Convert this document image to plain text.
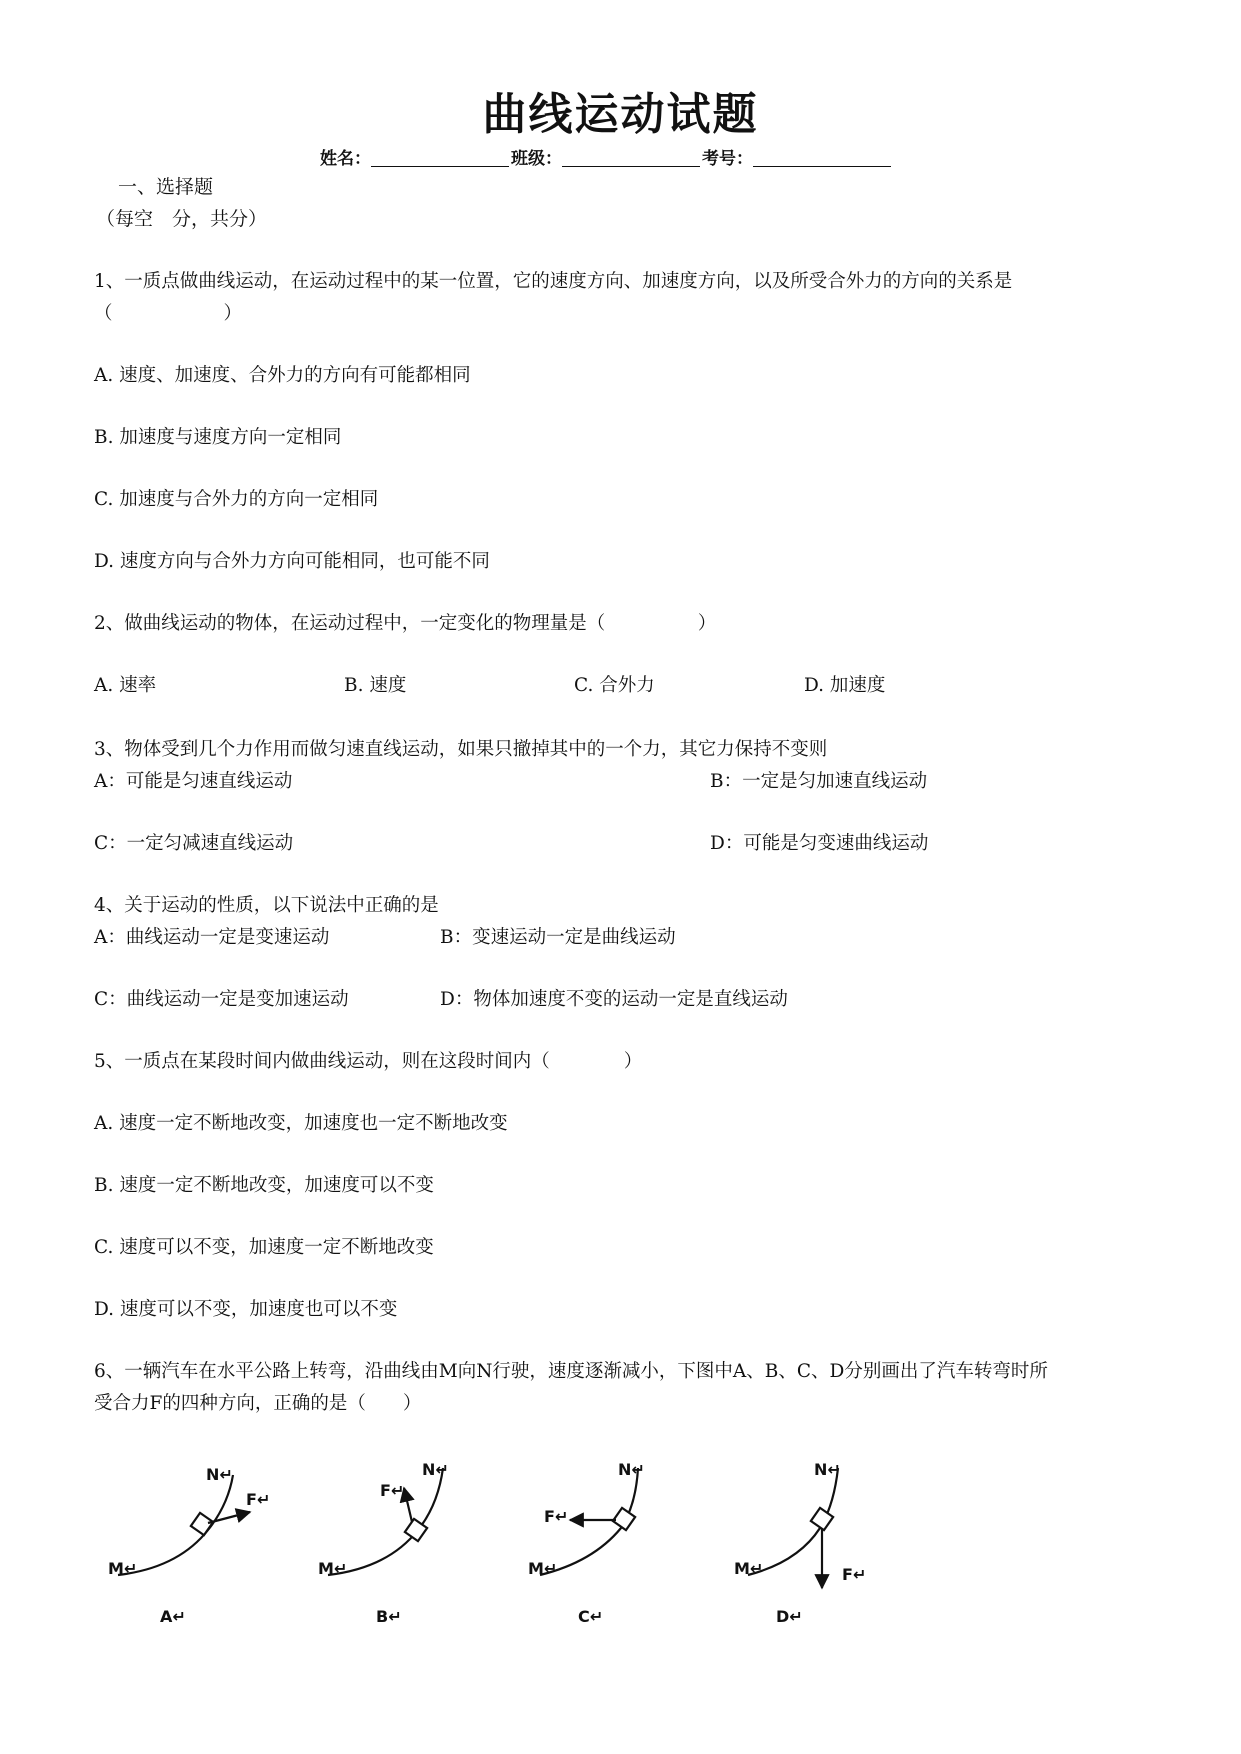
曲线运动试题
姓名：	班级：	考号：
一、选择题
（每空　分，共分）
1、一质点做曲线运动，在运动过程中的某一位置，它的速度方向、加速度方向，以及所受合外力的方向的关系是
（　　　　　　）
A. 速度、加速度、合外力的方向有可能都相同
B. 加速度与速度方向一定相同
C. 加速度与合外力的方向一定相同
D. 速度方向与合外力方向可能相同，也可能不同
2、做曲线运动的物体，在运动过程中，一定变化的物理量是（　　　　　）
A. 速率	B. 速度	C. 合外力	D. 加速度
3、物体受到几个力作用而做匀速直线运动，如果只撤掉其中的一个力，其它力保持不变则
A：可能是匀速直线运动	B：一定是匀加速直线运动
C：一定匀减速直线运动	D：可能是匀变速曲线运动
4、关于运动的性质，以下说法中正确的是
A：曲线运动一定是变速运动	B：变速运动一定是曲线运动
C：曲线运动一定是变加速运动	D：物体加速度不变的运动一定是直线运动
5、一质点在某段时间内做曲线运动，则在这段时间内（　　　　）
A. 速度一定不断地改变，加速度也一定不断地改变
B. 速度一定不断地改变，加速度可以不变
C. 速度可以不变，加速度一定不断地改变
D. 速度可以不变，加速度也可以不变
6、一辆汽车在水平公路上转弯，沿曲线由M向N行驶，速度逐渐减小，下图中A、B、C、D分别画出了汽车转弯时所
受合力F的四种方向，正确的是（　　）
M↵
N↵
F↵
A↵
M↵
N↵
F↵
B↵
M↵
N↵
F↵
C↵
M↵
N↵
F↵
D↵
